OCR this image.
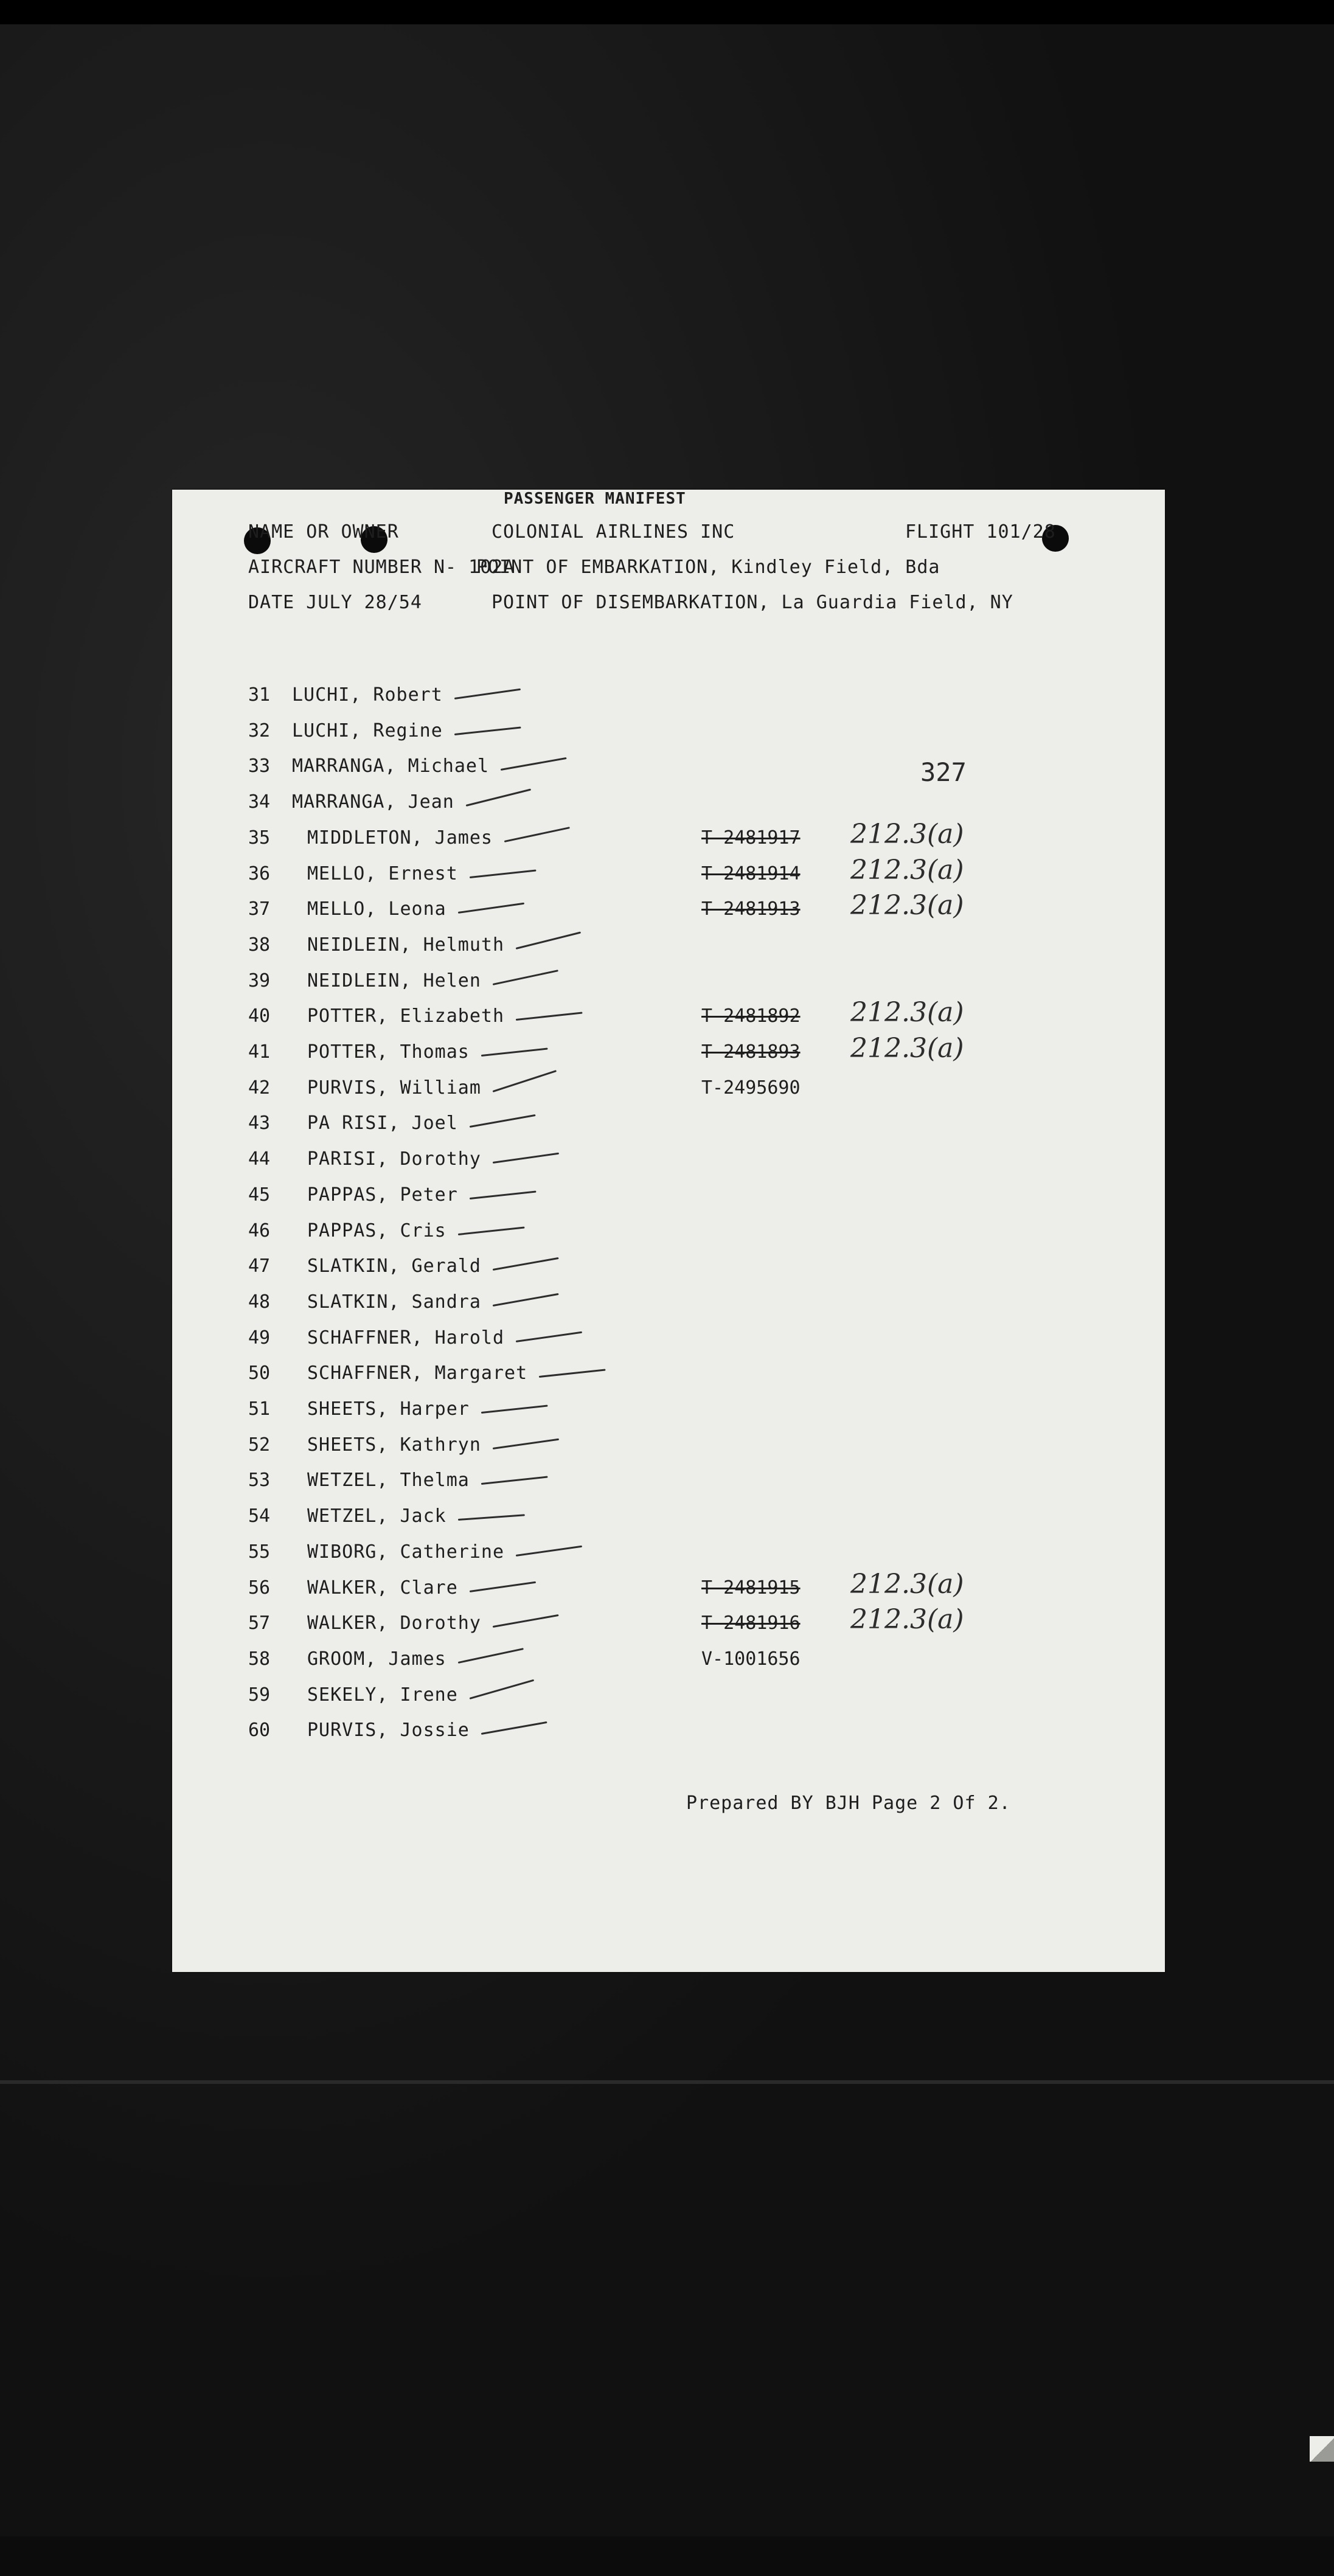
PASSENGER MANIFEST
NAME OR OWNER	COLONIAL AIRLINES INC	FLIGHT 101/28
AIRCRAFT NUMBER N- 102A
POINT OF EMBARKATION, Kindley Field, Bda
DATE JULY 28/54	POINT OF DISEMBARKATION, La Guardia Field, NY
327
31 LUCHI, Robert
32 LUCHI, Regine
33 MARRANGA, Michael
34 MARRANGA, Jean
35 MIDDLETON, James	T-2481917 212.3(a)
36 MELLO, Ernest	T-2481914 212.3(a)
37 MELLO, Leona	T-2481913 212.3(a)
38 NEIDLEIN, Helmuth
39 NEIDLEIN, Helen
40 POTTER, Elizabeth	T-2481892 212.3(a)
41 POTTER, Thomas	T-2481893 212.3(a)
42 PURVIS, William	T-2495690
43 PA RISI, Joel
44 PARISI, Dorothy
45 PAPPAS, Peter
46 PAPPAS, Cris
47 SLATKIN, Gerald
48 SLATKIN, Sandra
49 SCHAFFNER, Harold
50 SCHAFFNER, Margaret
51 SHEETS, Harper
52 SHEETS, Kathryn
53 WETZEL, Thelma
54 WETZEL, Jack
55 WIBORG, Catherine
56 WALKER, Clare	T-2481915 212.3(a)
57 WALKER, Dorothy	T-2481916 212.3(a)
58 GROOM, James	V-1001656
59 SEKELY, Irene
60 PURVIS, Jossie
Prepared BY BJH Page 2 Of 2.
